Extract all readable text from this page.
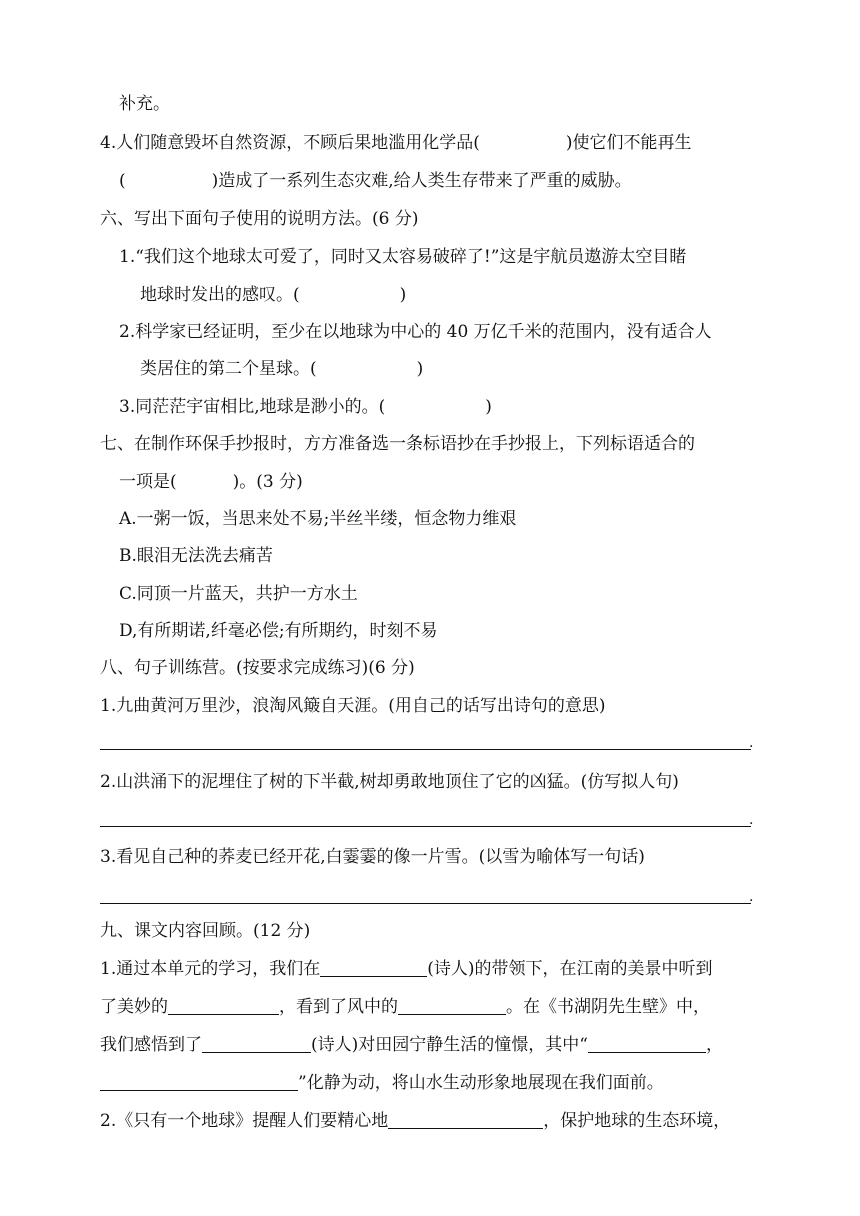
补充。
4.人们随意毁坏自然资源，不顾后果地滥用化学品(	)使它们不能再生
(	)造成了一系列生态灾难,给人类生存带来了严重的威胁。
六、写出下面句子使用的说明方法。(6 分)
1.“我们这个地球太可爱了，同时又太容易破碎了!”这是宇航员遨游太空目睹
地球时发出的感叹。(	)
2.科学家已经证明，至少在以地球为中心的 40 万亿千米的范围内，没有适合人
类居住的第二个星球。(	)
3.同茫茫宇宙相比,地球是渺小的。(	)
七、在制作环保手抄报时，方方准备选一条标语抄在手抄报上，下列标语适合的
一项是(	)。(3 分)
A.一粥一饭，当思来处不易;半丝半缕，恒念物力维艰
B.眼泪无法洗去痛苦
C.同顶一片蓝天，共护一方水土
D,有所期诺,纤毫必偿;有所期约，时刻不易
八、句子训练营。(按要求完成练习)(6 分)
1.九曲黄河万里沙，浪淘风簸自天涯。(用自己的话写出诗句的意思)
.
2.山洪涌下的泥埋住了树的下半截,树却勇敢地顶住了它的凶猛。(仿写拟人句)
.
3.看见自己种的荞麦已经开花,白霎霎的像一片雪。(以雪为喻体写一句话)
.
九、课文内容回顾。(12 分)
1.通过本单元的学习，我们在	(诗人)的带领下，在江南的美景中听到
了美妙的	，看到了风中的	。在《书湖阴先生壁》中，
我们感悟到了	(诗人)对田园宁静生活的憧憬，其中“	，
”化静为动，将山水生动形象地展现在我们面前。
2.《只有一个地球》提醒人们要精心地	，保护地球的生态环境，
